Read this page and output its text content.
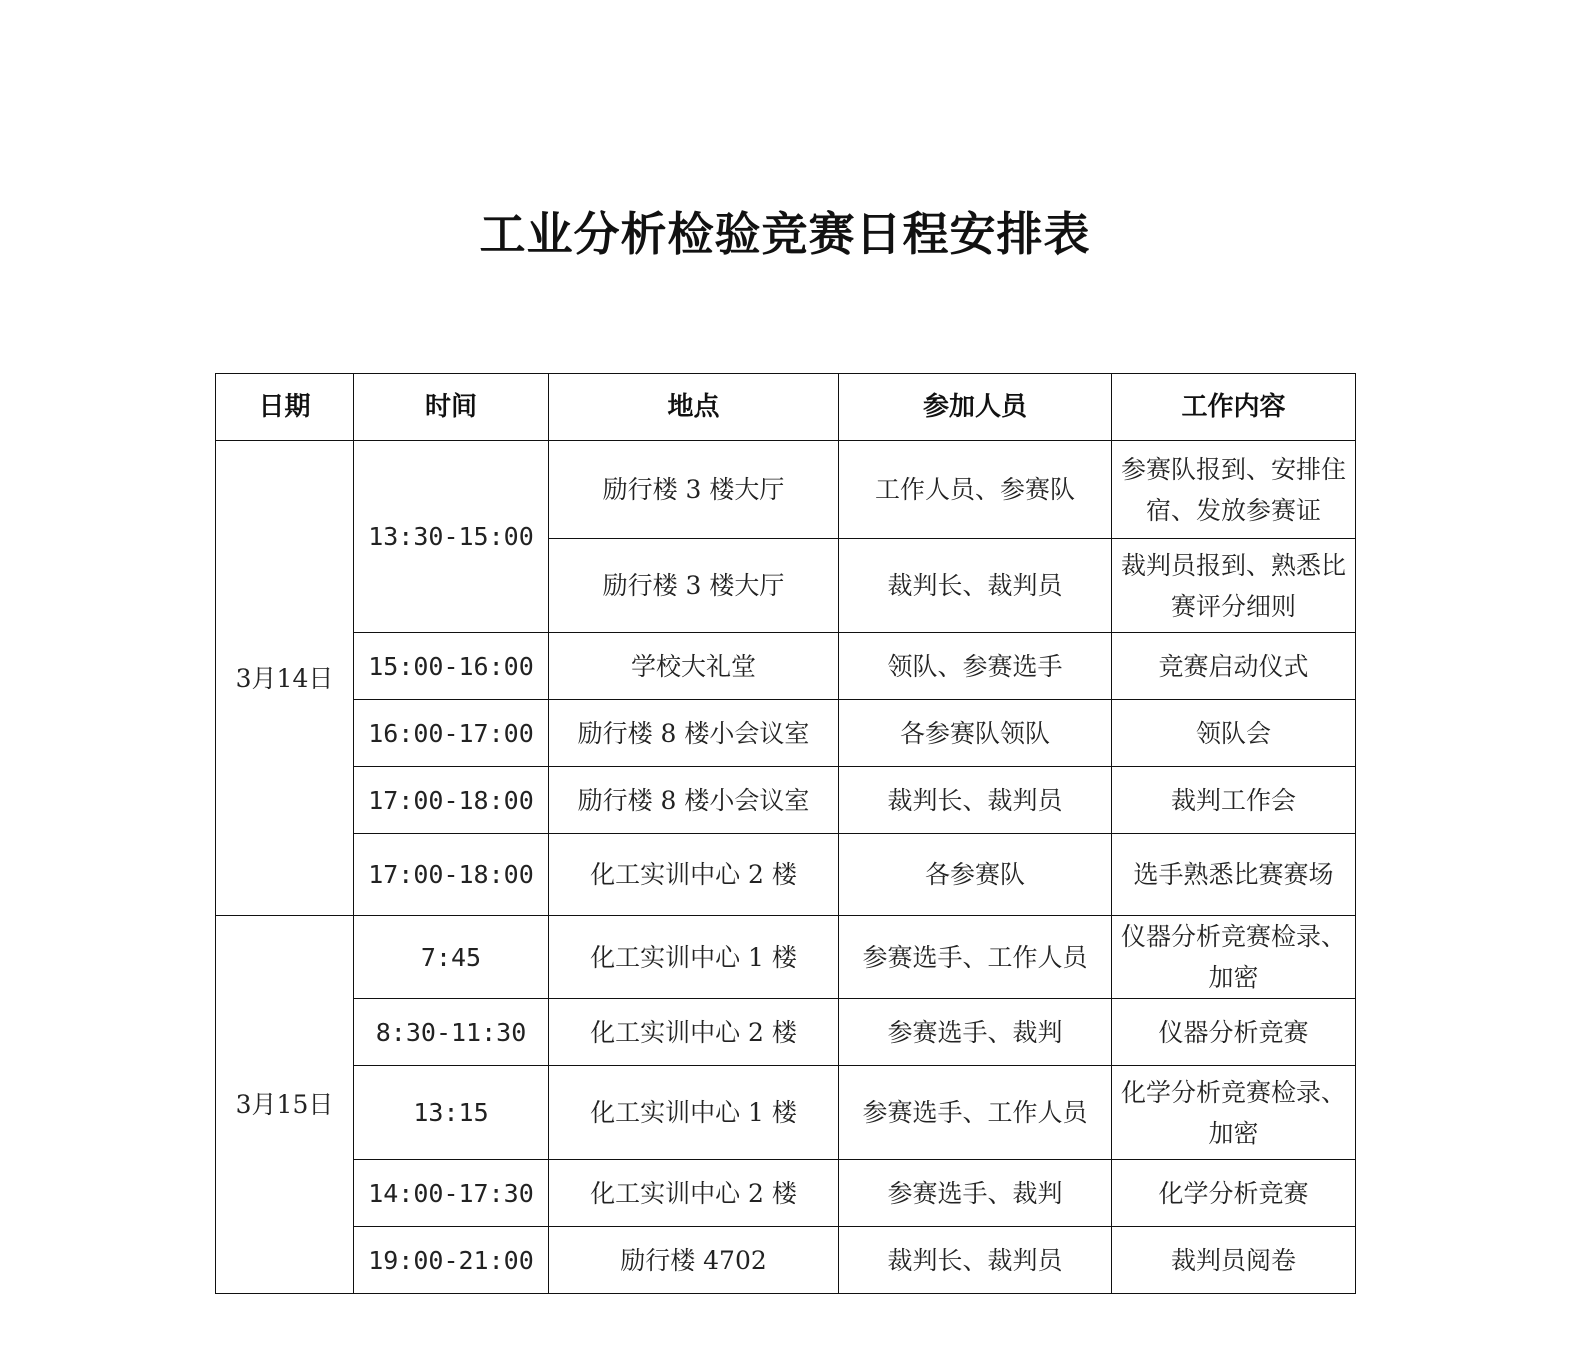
工业分析检验竞赛日程安排表
日期	时间	地点	参加人员	工作内容
3月14日	13:30-15:00	励行楼 3 楼大厅	工作人员、参赛队	参赛队报到、安排住宿、发放参赛证
		励行楼 3 楼大厅	裁判长、裁判员	裁判员报到、熟悉比赛评分细则
	15:00-16:00	学校大礼堂	领队、参赛选手	竞赛启动仪式
	16:00-17:00	励行楼 8 楼小会议室	各参赛队领队	领队会
	17:00-18:00	励行楼 8 楼小会议室	裁判长、裁判员	裁判工作会
	17:00-18:00	化工实训中心 2 楼	各参赛队	选手熟悉比赛赛场
3月15日	7:45	化工实训中心 1 楼	参赛选手、工作人员	仪器分析竞赛检录、加密
	8:30-11:30	化工实训中心 2 楼	参赛选手、裁判	仪器分析竞赛
	13:15	化工实训中心 1 楼	参赛选手、工作人员	化学分析竞赛检录、加密
	14:00-17:30	化工实训中心 2 楼	参赛选手、裁判	化学分析竞赛
	19:00-21:00	励行楼 4702	裁判长、裁判员	裁判员阅卷
